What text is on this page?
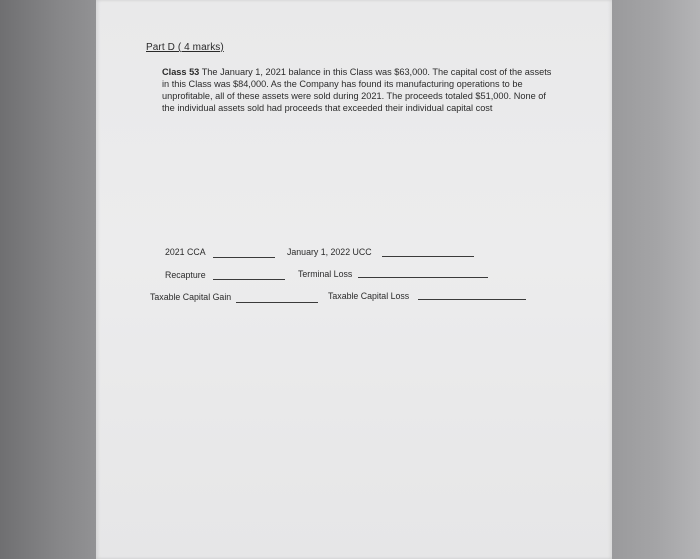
Part D ( 4 marks)
Class 53 The January 1, 2021 balance in this Class was $63,000. The capital cost of the assets in this Class was $84,000. As the Company has found its manufacturing operations to be unprofitable, all of these assets were sold during 2021. The proceeds totaled $51,000. None of the individual assets sold had proceeds that exceeded their individual capital cost
2021 CCA	January 1, 2022 UCC
Recapture	Terminal Loss
Taxable Capital Gain	Taxable Capital Loss
